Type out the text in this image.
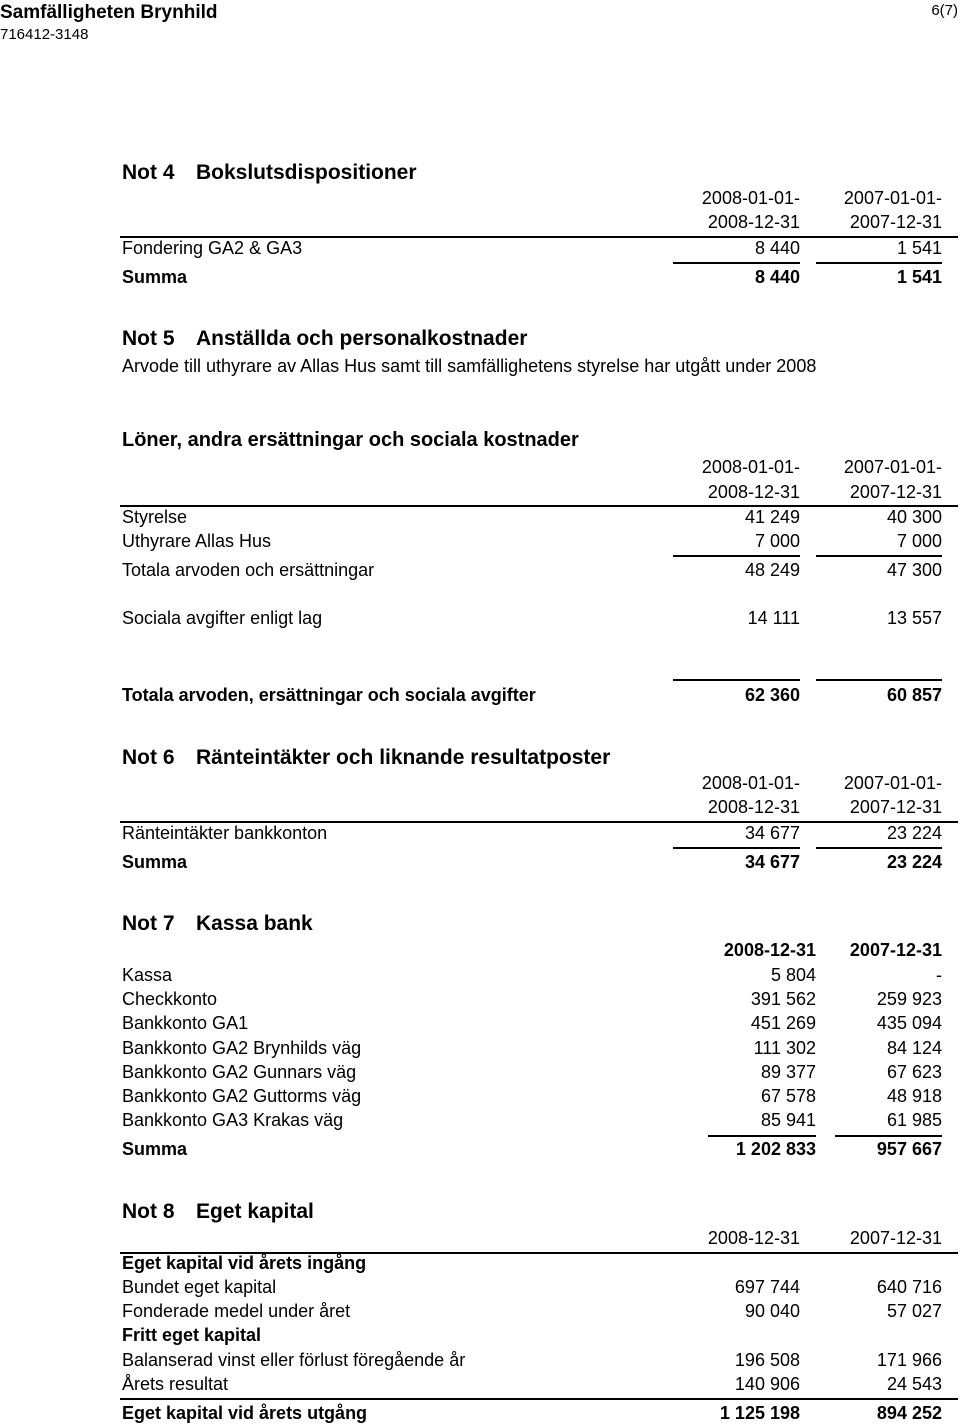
Samfälligheten Brynhild
716412-3148
6(7)
Not 4 Bokslutsdispositioner
2008-01-01- 2007-01-01-
2008-12-31	2007-12-31
Fondering GA2 & GA3	8 440	1 541
Summa	8 440	1 541
Not 5 Anställda och personalkostnader
Arvode till uthyrare av Allas Hus samt till samfällighetens styrelse har utgått under 2008
Löner, andra ersättningar och sociala kostnader
2008-01-01- 2007-01-01-
2008-12-31	2007-12-31
Styrelse	41 249	40 300
Uthyrare Allas Hus	7 000	7 000
Totala arvoden och ersättningar	48 249	47 300
Sociala avgifter enligt lag	14 111	13 557
Totala arvoden, ersättningar och sociala avgifter	62 360	60 857
Not 6 Ränteintäkter och liknande resultatposter
2008-01-01- 2007-01-01-
2008-12-31	2007-12-31
Ränteintäkter bankkonton	34 677	23 224
Summa	34 677	23 224
Not 7 Kassa bank
2008-12-31 2007-12-31
Kassa	5 804	-
Checkkonto	391 562	259 923
Bankkonto GA1	451 269	435 094
Bankkonto GA2 Brynhilds väg	111 302	84 124
Bankkonto GA2 Gunnars väg	89 377	67 623
Bankkonto GA2 Guttorms väg	67 578	48 918
Bankkonto GA3 Krakas väg	85 941	61 985
Summa	1 202 833	957 667
Not 8 Eget kapital
2008-12-31	2007-12-31
Eget kapital vid årets ingång
Bundet eget kapital	697 744	640 716
Fonderade medel under året	90 040	57 027
Fritt eget kapital
Balanserad vinst eller förlust föregående år	196 508	171 966
Årets resultat	140 906	24 543
Eget kapital vid årets utgång	1 125 198	894 252
